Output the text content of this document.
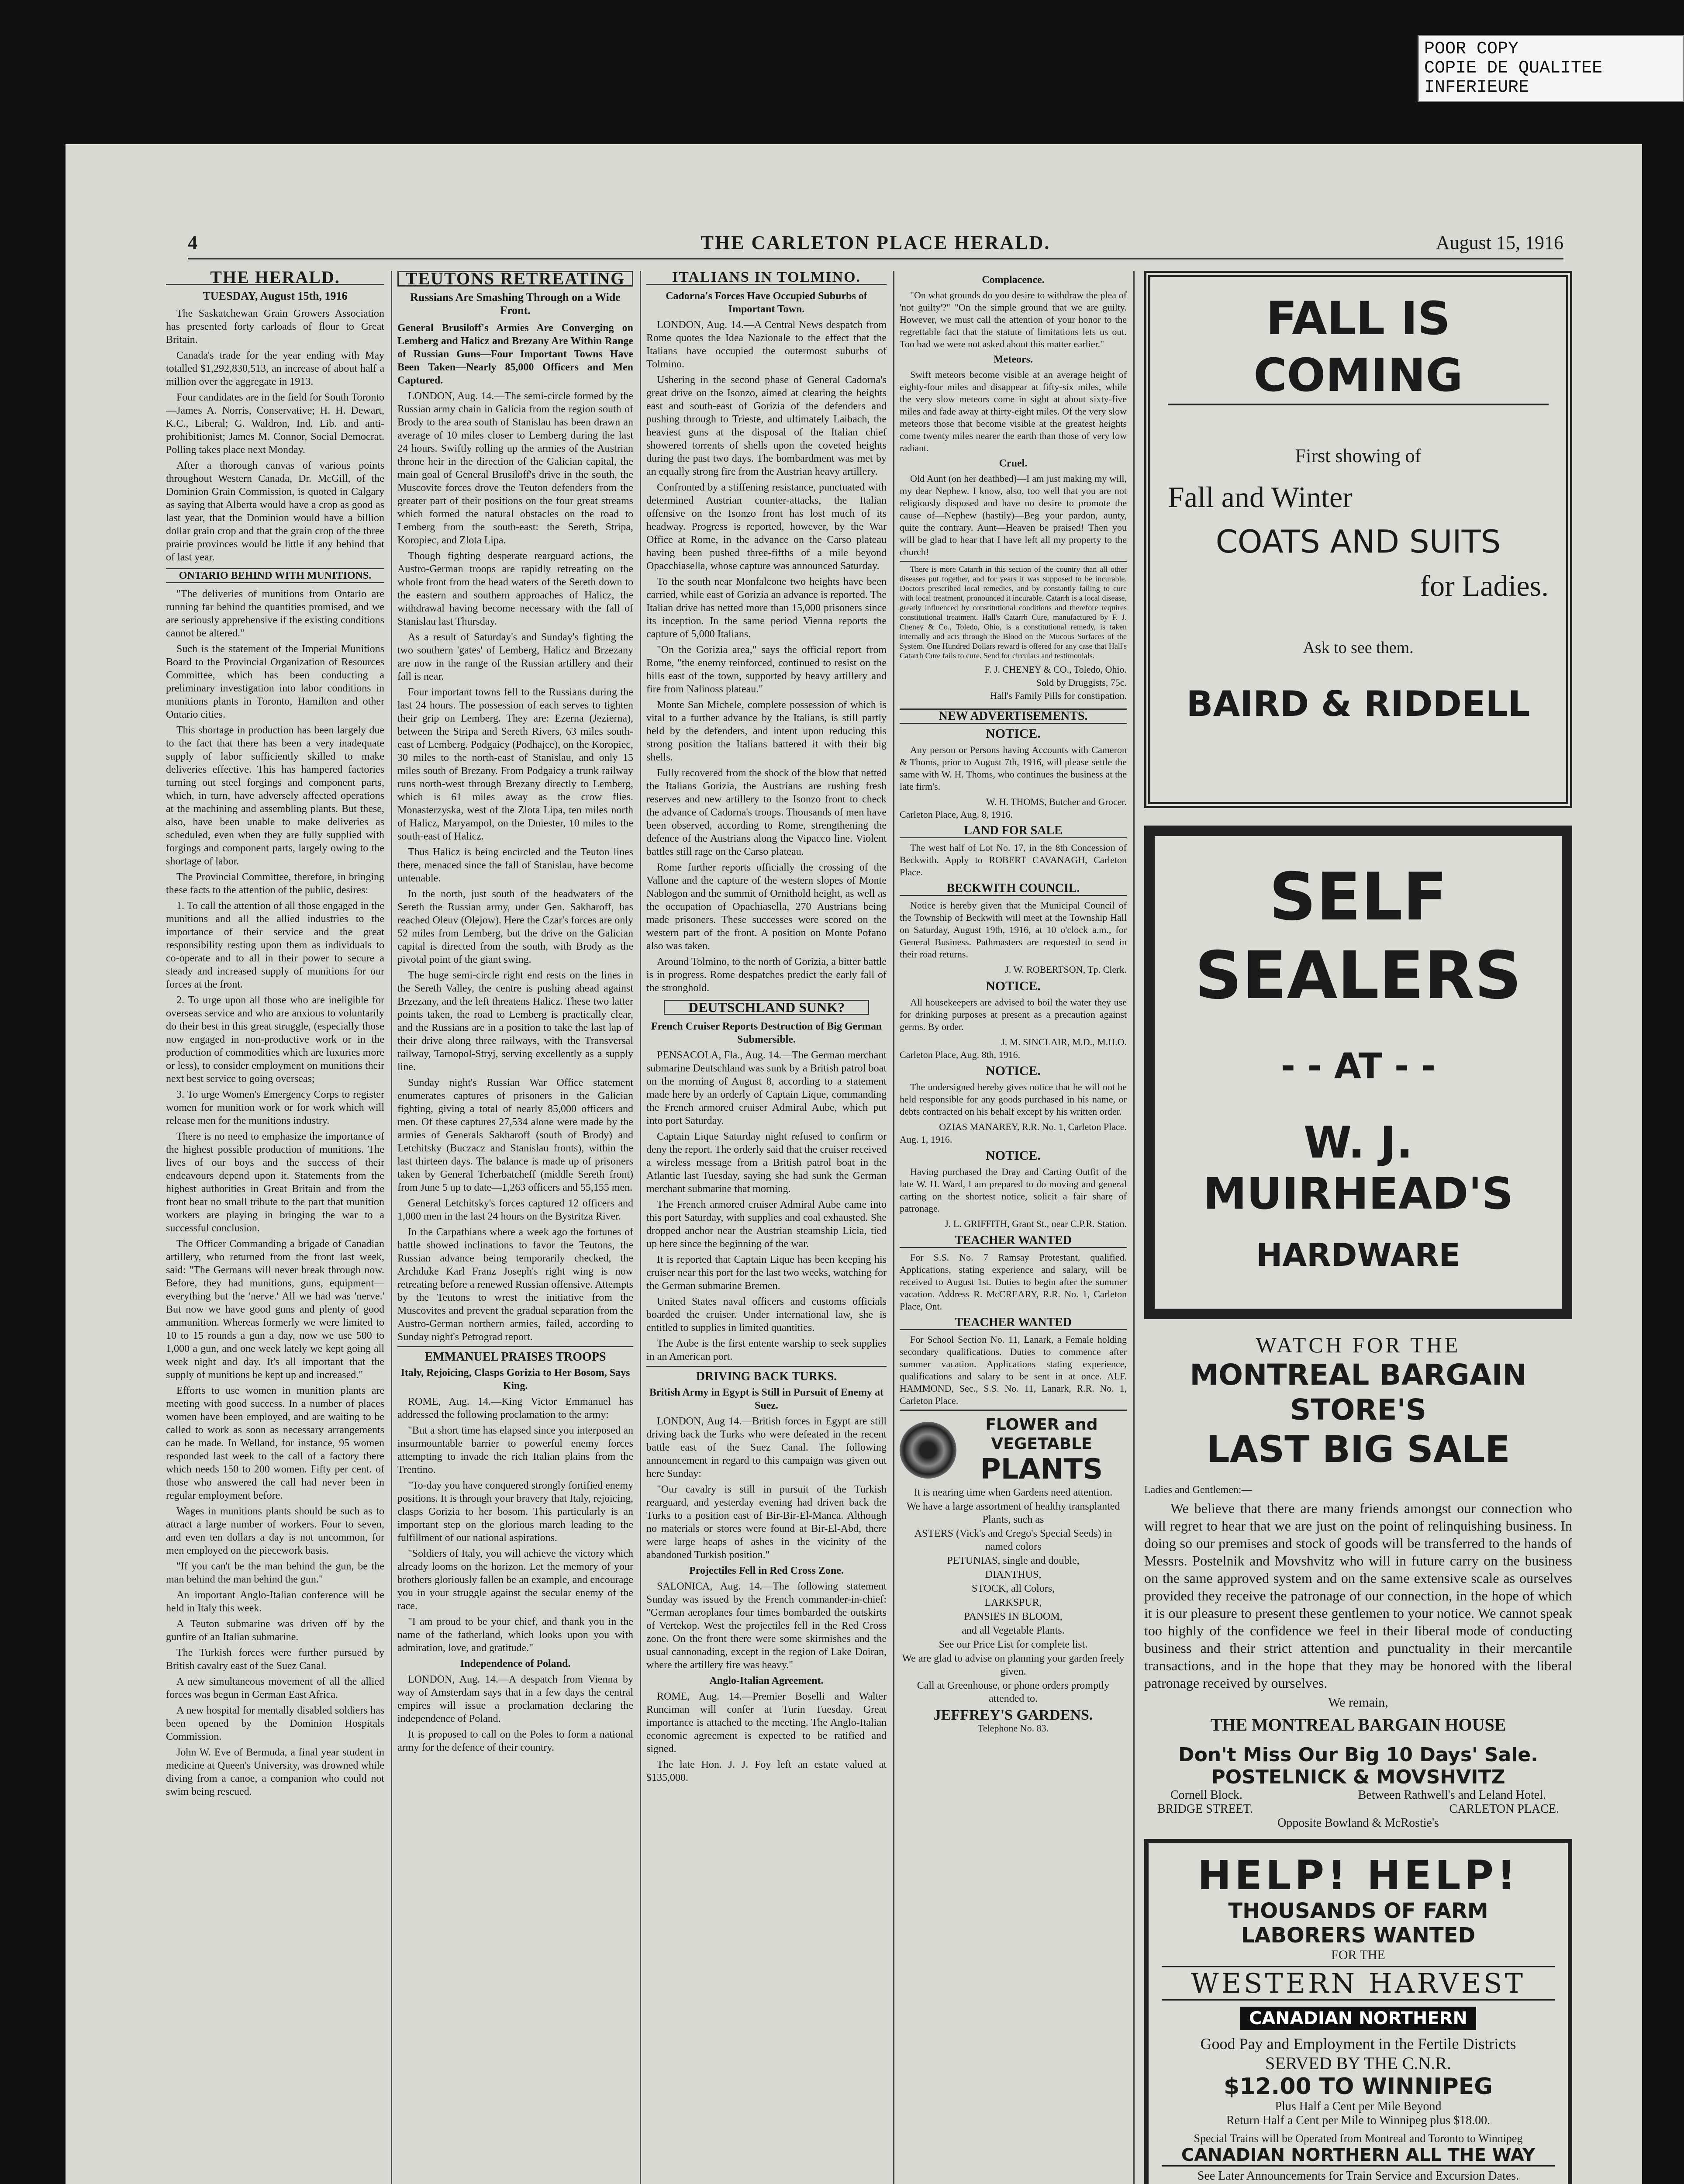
POOR COPY
COPIE DE QUALITEE INFERIEURE
4	THE CARLETON PLACE HERALD.	August 15, 1916
THE HERALD.
TUESDAY, August 15th, 1916

The Saskatchewan Grain Growers Association has presented forty carloads of flour to Great Britain.

Canada's trade for the year ending with May totalled $1,292,830,513, an increase of about half a million over the aggregate in 1913.

Four candidates are in the field for South Toronto—James A. Norris, Conservative; H. H. Dewart, K.C., Liberal; G. Waldron, Ind. Lib. and anti-prohibitionist; James M. Connor, Social Democrat. Polling takes place next Monday.

After a thorough canvas of various points throughout Western Canada, Dr. McGill, of the Dominion Grain Commission, is quoted in Calgary as saying that Alberta would have a crop as good as last year, that the Dominion would have a billion dollar grain crop and that the grain crop of the three prairie provinces would be little if any behind that of last year.

ONTARIO BEHIND WITH MUNITIONS.

"The deliveries of munitions from Ontario are running far behind the quantities promised, and we are seriously apprehensive if the existing conditions cannot be altered."

Such is the statement of the Imperial Munitions Board to the Provincial Organization of Resources Committee, which has been conducting a preliminary investigation into labor conditions in munitions plants in Toronto, Hamilton and other Ontario cities.

This shortage in production has been largely due to the fact that there has been a very inadequate supply of labor sufficiently skilled to make deliveries effective. This has hampered factories turning out steel forgings and component parts, which, in turn, have adversely affected operations at the machining and assembling plants. But these, also, have been unable to make deliveries as scheduled, even when they are fully supplied with forgings and component parts, largely owing to the shortage of labor.

The Provincial Committee, therefore, in bringing these facts to the attention of the public, desires:

1. To call the attention of all those engaged in the munitions and all the allied industries to the importance of their service and the great responsibility resting upon them as individuals to co-operate and to all in their power to secure a steady and increased supply of munitions for our forces at the front.

2. To urge upon all those who are ineligible for overseas service and who are anxious to voluntarily do their best in this great struggle, (especially those now engaged in non-productive work or in the production of commodities which are luxuries more or less), to consider employment on munitions their next best service to going overseas;

3. To urge Women's Emergency Corps to register women for munition work or for work which will release men for the munitions industry.

There is no need to emphasize the importance of the highest possible production of munitions. The lives of our boys and the success of their endeavours depend upon it. Statements from the highest authorities in Great Britain and from the front bear no small tribute to the part that munition workers are playing in bringing the war to a successful conclusion.

The Officer Commanding a brigade of Canadian artillery, who returned from the front last week, said: "The Germans will never break through now. Before, they had munitions, guns, equipment—everything but the 'nerve.' All we had was 'nerve.' But now we have good guns and plenty of good ammunition. Whereas formerly we were limited to 10 to 15 rounds a gun a day, now we use 500 to 1,000 a gun, and one week lately we kept going all week night and day. It's all important that the supply of munitions be kept up and increased."

Efforts to use women in munition plants are meeting with good success. In a number of places women have been employed, and are waiting to be called to work as soon as necessary arrangements can be made. In Welland, for instance, 95 women responded last week to the call of a factory there which needs 150 to 200 women. Fifty per cent. of those who answered the call had never been in regular employment before.

Wages in munitions plants should be such as to attract a large number of workers. Four to seven, and even ten dollars a day is not uncommon, for men employed on the piecework basis.

"If you can't be the man behind the gun, be the man behind the man behind the gun."

An important Anglo-Italian conference will be held in Italy this week.

A Teuton submarine was driven off by the gunfire of an Italian submarine.

The Turkish forces were further pursued by British cavalry east of the Suez Canal.

A new simultaneous movement of all the allied forces was begun in German East Africa.

A new hospital for mentally disabled soldiers has been opened by the Dominion Hospitals Commission.

John W. Eve of Bermuda, a final year student in medicine at Queen's University, was drowned while diving from a canoe, a companion who could not swim being rescued.

TEUTONS RETREATING
Russians Are Smashing Through on a Wide Front.
General Brusiloff's Armies Are Converging on Lemberg and Halicz and Brezany Are Within Range of Russian Guns—Four Important Towns Have Been Taken—Nearly 85,000 Officers and Men Captured.

LONDON, Aug. 14.—The semi-circle formed by the Russian army chain in Galicia from the region south of Brody to the area south of Stanislau has been drawn an average of 10 miles closer to Lemberg during the last 24 hours. Swiftly rolling up the armies of the Austrian throne heir in the direction of the Galician capital, the main goal of General Brusiloff's drive in the south, the Muscovite forces drove the Teuton defenders from the greater part of their positions on the four great streams which formed the natural obstacles on the road to Lemberg from the south-east: the Sereth, Stripa, Koropiec, and Zlota Lipa.

Though fighting desperate rearguard actions, the Austro-German troops are rapidly retreating on the whole front from the head waters of the Sereth down to the eastern and southern approaches of Halicz, the withdrawal having become necessary with the fall of Stanislau last Thursday.

As a result of Saturday's and Sunday's fighting the two southern 'gates' of Lemberg, Halicz and Brzezany are now in the range of the Russian artillery and their fall is near.

Four important towns fell to the Russians during the last 24 hours. The possession of each serves to tighten their grip on Lemberg. They are: Ezerna (Jezierna), between the Stripa and Sereth Rivers, 63 miles south-east of Lemberg. Podgaicy (Podhajce), on the Koropiec, 30 miles to the north-east of Stanislau, and only 15 miles south of Brezany. From Podgaicy a trunk railway runs north-west through Brezany directly to Lemberg, which is 61 miles away as the crow flies. Monasterzyska, west of the Zlota Lipa, ten miles north of Halicz, Maryampol, on the Dniester, 10 miles to the south-east of Halicz.

Thus Halicz is being encircled and the Teuton lines there, menaced since the fall of Stanislau, have become untenable.

In the north, just south of the headwaters of the Sereth the Russian army, under Gen. Sakharoff, has reached Oleuv (Olejow). Here the Czar's forces are only 52 miles from Lemberg, but the drive on the Galician capital is directed from the south, with Brody as the pivotal point of the giant swing.

The huge semi-circle right end rests on the lines in the Sereth Valley, the centre is pushing ahead against Brzezany, and the left threatens Halicz. These two latter points taken, the road to Lemberg is practically clear, and the Russians are in a position to take the last lap of their drive along three railways, with the Transversal railway, Tarnopol-Stryj, serving excellently as a supply line.

Sunday night's Russian War Office statement enumerates captures of prisoners in the Galician fighting, giving a total of nearly 85,000 officers and men. Of these captures 27,534 alone were made by the armies of Generals Sakharoff (south of Brody) and Letchitsky (Buczacz and Stanislau fronts), within the last thirteen days. The balance is made up of prisoners taken by General Tcherbatcheff (middle Sereth front) from June 5 up to date—1,263 officers and 55,155 men.

General Letchitsky's forces captured 12 officers and 1,000 men in the last 24 hours on the Bystritza River.

In the Carpathians where a week ago the fortunes of battle showed inclinations to favor the Teutons, the Russian advance being temporarily checked, the Archduke Karl Franz Joseph's right wing is now retreating before a renewed Russian offensive. Attempts by the Teutons to wrest the initiative from the Muscovites and prevent the gradual separation from the Austro-German northern armies, failed, according to Sunday night's Petrograd report.

EMMANUEL PRAISES TROOPS
Italy, Rejoicing, Clasps Gorizia to Her Bosom, Says King.

ROME, Aug. 14.—King Victor Emmanuel has addressed the following proclamation to the army:

"But a short time has elapsed since you interposed an insurmountable barrier to powerful enemy forces attempting to invade the rich Italian plains from the Trentino.

"To-day you have conquered strongly fortified enemy positions. It is through your bravery that Italy, rejoicing, clasps Gorizia to her bosom. This particularly is an important step on the glorious march leading to the fulfillment of our national aspirations.

"Soldiers of Italy, you will achieve the victory which already looms on the horizon. Let the memory of your brothers gloriously fallen be an example, and encourage you in your struggle against the secular enemy of the race.

"I am proud to be your chief, and thank you in the name of the fatherland, which looks upon you with admiration, love, and gratitude."

Independence of Poland.

LONDON, Aug. 14.—A despatch from Vienna by way of Amsterdam says that in a few days the central empires will issue a proclamation declaring the independence of Poland.

It is proposed to call on the Poles to form a national army for the defence of their country.

ITALIANS IN TOLMINO.
Cadorna's Forces Have Occupied Suburbs of Important Town.

LONDON, Aug. 14.—A Central News despatch from Rome quotes the Idea Nazionale to the effect that the Italians have occupied the outermost suburbs of Tolmino.

Ushering in the second phase of General Cadorna's great drive on the Isonzo, aimed at clearing the heights east and south-east of Gorizia of the defenders and pushing through to Trieste, and ultimately Laibach, the heaviest guns at the disposal of the Italian chief showered torrents of shells upon the coveted heights during the past two days. The bombardment was met by an equally strong fire from the Austrian heavy artillery.

Confronted by a stiffening resistance, punctuated with determined Austrian counter-attacks, the Italian offensive on the Isonzo front has lost much of its headway. Progress is reported, however, by the War Office at Rome, in the advance on the Carso plateau having been pushed three-fifths of a mile beyond Opacchiasella, whose capture was announced Saturday.

To the south near Monfalcone two heights have been carried, while east of Gorizia an advance is reported. The Italian drive has netted more than 15,000 prisoners since its inception. In the same period Vienna reports the capture of 5,000 Italians.

"On the Gorizia area," says the official report from Rome, "the enemy reinforced, continued to resist on the hills east of the town, supported by heavy artillery and fire from Nalinoss plateau."

Monte San Michele, complete possession of which is vital to a further advance by the Italians, is still partly held by the defenders, and intent upon reducing this strong position the Italians battered it with their big shells.

Fully recovered from the shock of the blow that netted the Italians Gorizia, the Austrians are rushing fresh reserves and new artillery to the Isonzo front to check the advance of Cadorna's troops. Thousands of men have been observed, according to Rome, strengthening the defence of the Austrians along the Vipacco line. Violent battles still rage on the Carso plateau.

Rome further reports officially the crossing of the Vallone and the capture of the western slopes of Monte Nablogon and the summit of Ornithold height, as well as the occupation of Opachiasella, 270 Austrians being made prisoners. These successes were scored on the western part of the front. A position on Monte Pofano also was taken.

Around Tolmino, to the north of Gorizia, a bitter battle is in progress. Rome despatches predict the early fall of the stronghold.

DEUTSCHLAND SUNK?
French Cruiser Reports Destruction of Big German Submersible.

PENSACOLA, Fla., Aug. 14.—The German merchant submarine Deutschland was sunk by a British patrol boat on the morning of August 8, according to a statement made here by an orderly of Captain Lique, commanding the French armored cruiser Admiral Aube, which put into port Saturday.

Captain Lique Saturday night refused to confirm or deny the report. The orderly said that the cruiser received a wireless message from a British patrol boat in the Atlantic last Tuesday, saying she had sunk the German merchant submarine that morning.

The French armored cruiser Admiral Aube came into this port Saturday, with supplies and coal exhausted. She dropped anchor near the Austrian steamship Licia, tied up here since the beginning of the war.

It is reported that Captain Lique has been keeping his cruiser near this port for the last two weeks, watching for the German submarine Bremen.

United States naval officers and customs officials boarded the cruiser. Under international law, she is entitled to supplies in limited quantities.

The Aube is the first entente warship to seek supplies in an American port.

DRIVING BACK TURKS.
British Army in Egypt is Still in Pursuit of Enemy at Suez.

LONDON, Aug 14.—British forces in Egypt are still driving back the Turks who were defeated in the recent battle east of the Suez Canal. The following announcement in regard to this campaign was given out here Sunday:

"Our cavalry is still in pursuit of the Turkish rearguard, and yesterday evening had driven back the Turks to a position east of Bir-Bir-El-Manca. Although no materials or stores were found at Bir-El-Abd, there were large heaps of ashes in the vicinity of the abandoned Turkish position."

Projectiles Fell in Red Cross Zone.

SALONICA, Aug. 14.—The following statement Sunday was issued by the French commander-in-chief: "German aeroplanes four times bombarded the outskirts of Vertekop. West the projectiles fell in the Red Cross zone. On the front there were some skirmishes and the usual cannonading, except in the region of Lake Doiran, where the artillery fire was heavy."

Anglo-Italian Agreement.

ROME, Aug. 14.—Premier Boselli and Walter Runciman will confer at Turin Tuesday. Great importance is attached to the meeting. The Anglo-Italian economic agreement is expected to be ratified and signed.

The late Hon. J. J. Foy left an estate valued at $135,000.

Complacence.

"On what grounds do you desire to withdraw the plea of 'not guilty'?" "On the simple ground that we are guilty. However, we must call the attention of your honor to the regrettable fact that the statute of limitations lets us out. Too bad we were not asked about this matter earlier."

Meteors.

Swift meteors become visible at an average height of eighty-four miles and disappear at fifty-six miles, while the very slow meteors come in sight at about sixty-five miles and fade away at thirty-eight miles. Of the very slow meteors those that become visible at the greatest heights come twenty miles nearer the earth than those of very low radiant.

Cruel.

Old Aunt (on her deathbed)—I am just making my will, my dear Nephew. I know, also, too well that you are not religiously disposed and have no desire to promote the cause of—Nephew (hastily)—Beg your pardon, aunty, quite the contrary. Aunt—Heaven be praised! Then you will be glad to hear that I have left all my property to the church!

There is more Catarrh in this section of the country than all other diseases put together, and for years it was supposed to be incurable. Doctors prescribed local remedies, and by constantly failing to cure with local treatment, pronounced it incurable. Catarrh is a local disease, greatly influenced by constitutional conditions and therefore requires constitutional treatment. Hall's Catarrh Cure, manufactured by F. J. Cheney & Co., Toledo, Ohio, is a constitutional remedy, is taken internally and acts through the Blood on the Mucous Surfaces of the System. One Hundred Dollars reward is offered for any case that Hall's Catarrh Cure fails to cure. Send for circulars and testimonials.

F. J. CHENEY & CO., Toledo, Ohio.
Sold by Druggists, 75c.
Hall's Family Pills for constipation.
NEW ADVERTISEMENTS.
NOTICE.

Any person or Persons having Accounts with Cameron & Thoms, prior to August 7th, 1916, will please settle the same with W. H. Thoms, who continues the business at the late firm's.

W. H. THOMS, Butcher and Grocer.
Carleton Place, Aug. 8, 1916.
LAND FOR SALE

The west half of Lot No. 17, in the 8th Concession of Beckwith. Apply to ROBERT CAVANAGH, Carleton Place.

BECKWITH COUNCIL.

Notice is hereby given that the Municipal Council of the Township of Beckwith will meet at the Township Hall on Saturday, August 19th, 1916, at 10 o'clock a.m., for General Business. Pathmasters are requested to send in their road returns.

J. W. ROBERTSON, Tp. Clerk.
NOTICE.

All housekeepers are advised to boil the water they use for drinking purposes at present as a precaution against germs. By order.

J. M. SINCLAIR, M.D., M.H.O.
Carleton Place, Aug. 8th, 1916.
NOTICE.

The undersigned hereby gives notice that he will not be held responsible for any goods purchased in his name, or debts contracted on his behalf except by his written order.

OZIAS MANAREY, R.R. No. 1, Carleton Place.
Aug. 1, 1916.
NOTICE.

Having purchased the Dray and Carting Outfit of the late W. H. Ward, I am prepared to do moving and general carting on the shortest notice, solicit a fair share of patronage.

J. L. GRIFFITH, Grant St., near C.P.R. Station.
TEACHER WANTED

For S.S. No. 7 Ramsay Protestant, qualified. Applications, stating experience and salary, will be received to August 1st. Duties to begin after the summer vacation. Address R. McCREARY, R.R. No. 1, Carleton Place, Ont.

TEACHER WANTED

For School Section No. 11, Lanark, a Female holding secondary qualifications. Duties to commence after summer vacation. Applications stating experience, qualifications and salary to be sent in at once. ALF. HAMMOND, Sec., S.S. No. 11, Lanark, R.R. No. 1, Carleton Place.

FLOWER and VEGETABLE
PLANTS

It is nearing time when Gardens need attention.

We have a large assortment of healthy transplanted Plants, such as

ASTERS (Vick's and Crego's Special Seeds) in named colors

PETUNIAS, single and double,

DIANTHUS,

STOCK, all Colors,

LARKSPUR,

PANSIES IN BLOOM,

and all Vegetable Plants.

See our Price List for complete list.

We are glad to advise on planning your garden freely given.

Call at Greenhouse, or phone orders promptly attended to.

JEFFREY'S GARDENS.
Telephone No. 83.
FALL IS COMING
First showing of
Fall and Winter
COATS AND SUITS
for Ladies.
Ask to see them.
BAIRD & RIDDELL
SELF SEALERS
- - AT - -
W. J. MUIRHEAD'S
HARDWARE
WATCH FOR THE
MONTREAL BARGAIN STORE'S
LAST BIG SALE
Ladies and Gentlemen:—

We believe that there are many friends amongst our connection who will regret to hear that we are just on the point of relinquishing business. In doing so our premises and stock of goods will be transferred to the hands of Messrs. Postelnik and Movshvitz who will in future carry on the business on the same approved system and on the same extensive scale as ourselves provided they receive the patronage of our connection, in the hope of which it is our pleasure to present these gentlemen to your notice. We cannot speak too highly of the confidence we feel in their liberal mode of conducting business and their strict attention and punctuality in their mercantile transactions, and in the hope that they may be honored with the liberal patronage received by ourselves.

We remain,
THE MONTREAL BARGAIN HOUSE
Don't Miss Our Big 10 Days' Sale.
POSTELNICK & MOVSHVITZ
Cornell Block.	Between Rathwell's and Leland Hotel.
BRIDGE STREET.	CARLETON PLACE.
Opposite Bowland & McRostie's
HELP! HELP!
THOUSANDS OF FARM
LABORERS WANTED
FOR THE
WESTERN HARVEST
CANADIAN NORTHERN
Good Pay and Employment in the Fertile Districts
SERVED BY THE C.N.R.
$12.00 TO WINNIPEG
Plus Half a Cent per Mile Beyond
Return Half a Cent per Mile to Winnipeg plus $18.00.
Special Trains will be Operated from Montreal and Toronto to Winnipeg
CANADIAN NORTHERN ALL THE WAY
See Later Announcements for Train Service and Excursion Dates.
